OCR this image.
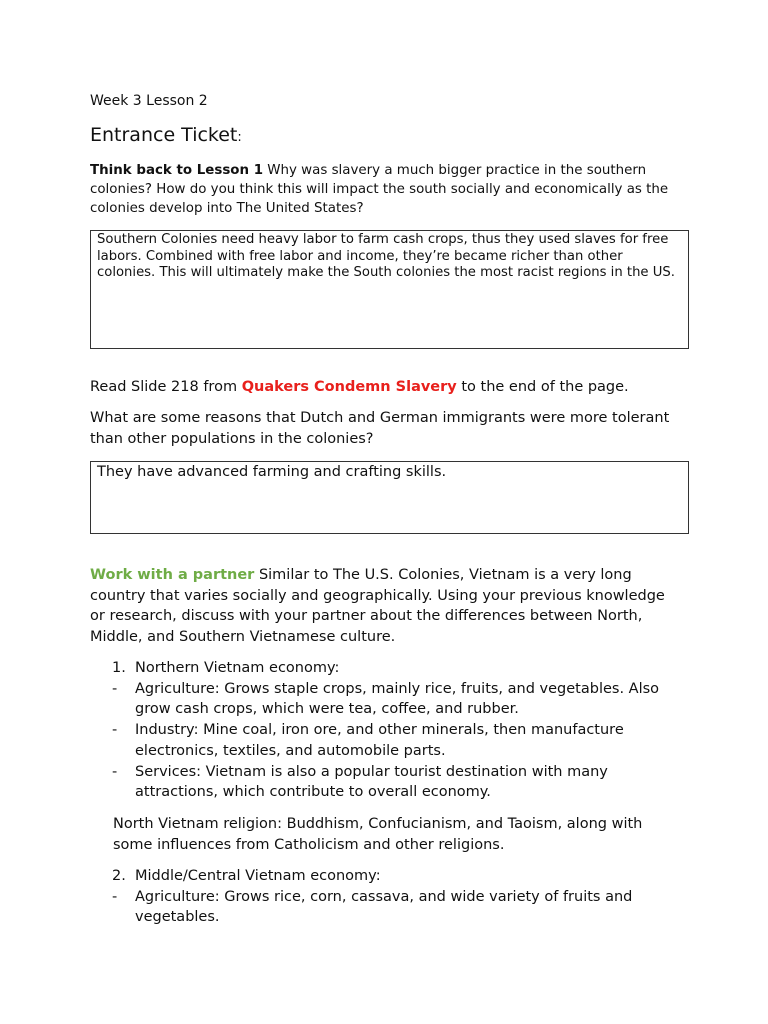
Week 3 Lesson 2
Entrance Ticket:
Think back to Lesson 1 Why was slavery a much bigger practice in the southern colonies? How do you think this will impact the south socially and economically as the colonies develop into The United States?
Southern Colonies need heavy labor to farm cash crops, thus they used slaves for free labors. Combined with free labor and income, they’re became richer than other colonies. This will ultimately make the South colonies the most racist regions in the US.
Read Slide 218 from Quakers Condemn Slavery to the end of the page.
What are some reasons that Dutch and German immigrants were more tolerant than other populations in the colonies?
They have advanced farming and crafting skills.
Work with a partner Similar to The U.S. Colonies, Vietnam is a very long country that varies socially and geographically. Using your previous knowledge or research, discuss with your partner about the differences between North, Middle, and Southern Vietnamese culture.
1. Northern Vietnam economy:
- Agriculture: Grows staple crops, mainly rice, fruits, and vegetables. Also grow cash crops, which were tea, coffee, and rubber.
- Industry: Mine coal, iron ore, and other minerals, then manufacture electronics, textiles, and automobile parts.
- Services: Vietnam is also a popular tourist destination with many attractions, which contribute to overall economy.
North Vietnam religion: Buddhism, Confucianism, and Taoism, along with some influences from Catholicism and other religions.
2. Middle/Central Vietnam economy:
- Agriculture: Grows rice, corn, cassava, and wide variety of fruits and vegetables.
